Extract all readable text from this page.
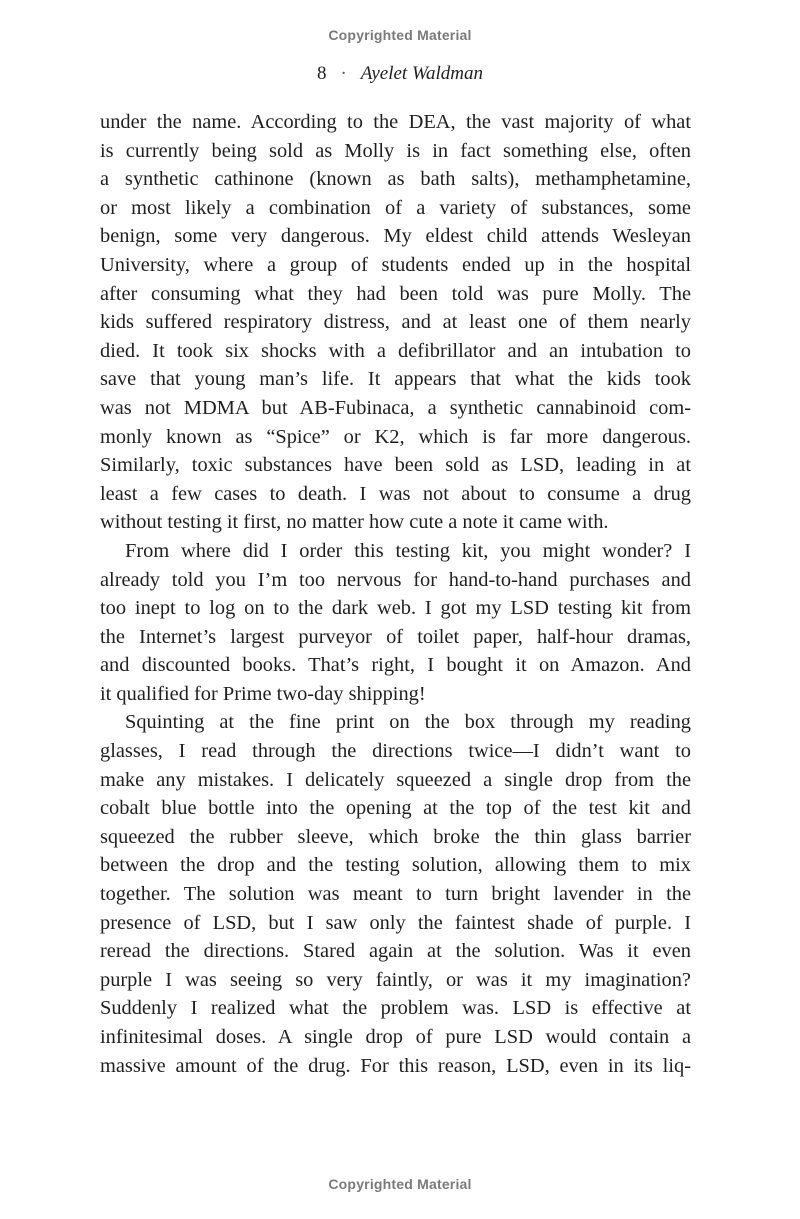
Copyrighted Material
8 · Ayelet Waldman
under the name. According to the DEA, the vast majority of what
is currently being sold as Molly is in fact something else, often
a synthetic cathinone (known as bath salts), methamphetamine,
or most likely a combination of a variety of substances, some
benign, some very dangerous. My eldest child attends Wesleyan
University, where a group of students ended up in the hospital
after consuming what they had been told was pure Molly. The
kids suffered respiratory distress, and at least one of them nearly
died. It took six shocks with a defibrillator and an intubation to
save that young man’s life. It appears that what the kids took
was not MDMA but AB-Fubinaca, a synthetic cannabinoid com-
monly known as “Spice” or K2, which is far more dangerous.
Similarly, toxic substances have been sold as LSD, leading in at
least a few cases to death. I was not about to consume a drug
without testing it first, no matter how cute a note it came with.
From where did I order this testing kit, you might wonder? I
already told you I’m too nervous for hand-to-hand purchases and
too inept to log on to the dark web. I got my LSD testing kit from
the Internet’s largest purveyor of toilet paper, half-hour dramas,
and discounted books. That’s right, I bought it on Amazon. And
it qualified for Prime two-day shipping!
Squinting at the fine print on the box through my reading
glasses, I read through the directions twice—I didn’t want to
make any mistakes. I delicately squeezed a single drop from the
cobalt blue bottle into the opening at the top of the test kit and
squeezed the rubber sleeve, which broke the thin glass barrier
between the drop and the testing solution, allowing them to mix
together. The solution was meant to turn bright lavender in the
presence of LSD, but I saw only the faintest shade of purple. I
reread the directions. Stared again at the solution. Was it even
purple I was seeing so very faintly, or was it my imagination?
Suddenly I realized what the problem was. LSD is effective at
infinitesimal doses. A single drop of pure LSD would contain a
massive amount of the drug. For this reason, LSD, even in its liq-
Copyrighted Material
